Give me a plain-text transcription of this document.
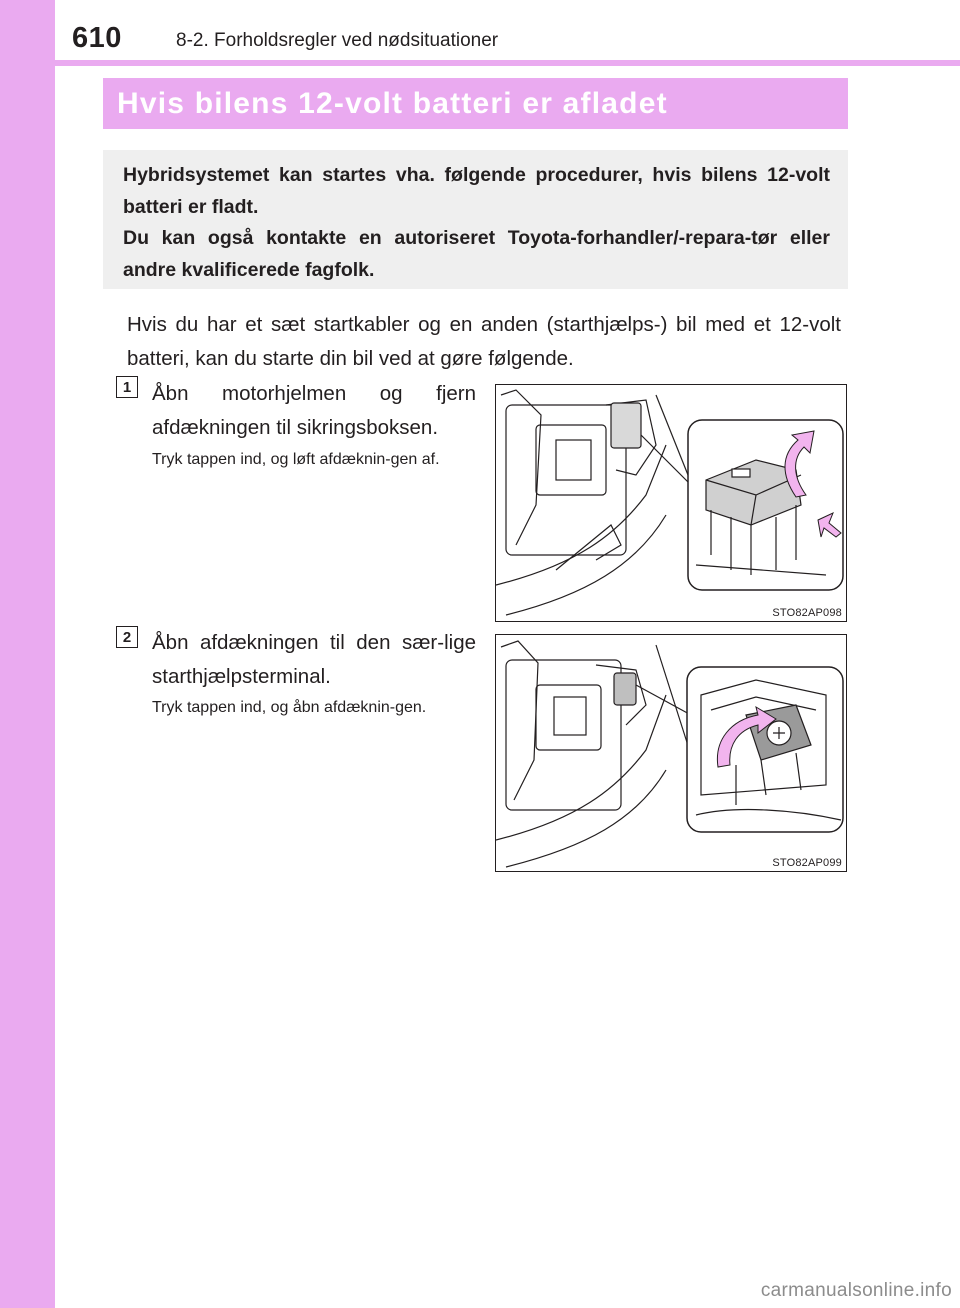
610	8-2. Forholdsregler ved nødsituationer
Hvis bilens 12-volt batteri er afladet

Hybridsystemet kan startes vha. følgende procedurer, hvis bilens 12-volt batteri er fladt.

Du kan også kontakte en autoriseret Toyota-forhandler/-repara-tør eller andre kvalificerede fagfolk.

Hvis du har et sæt startkabler og en anden (starthjælps-) bil med et 12-volt batteri, kan du starte din bil ved at gøre følgende.

1	Åbn motorhjelmen og fjern afdækningen til sikringsboksen.

Tryk tappen ind, og løft afdæknin-gen af.

STO82AP098
2	Åbn afdækningen til den sær-lige starthjælpsterminal.

Tryk tappen ind, og åbn afdæknin-gen.

STO82AP099
carmanualsonline.info
